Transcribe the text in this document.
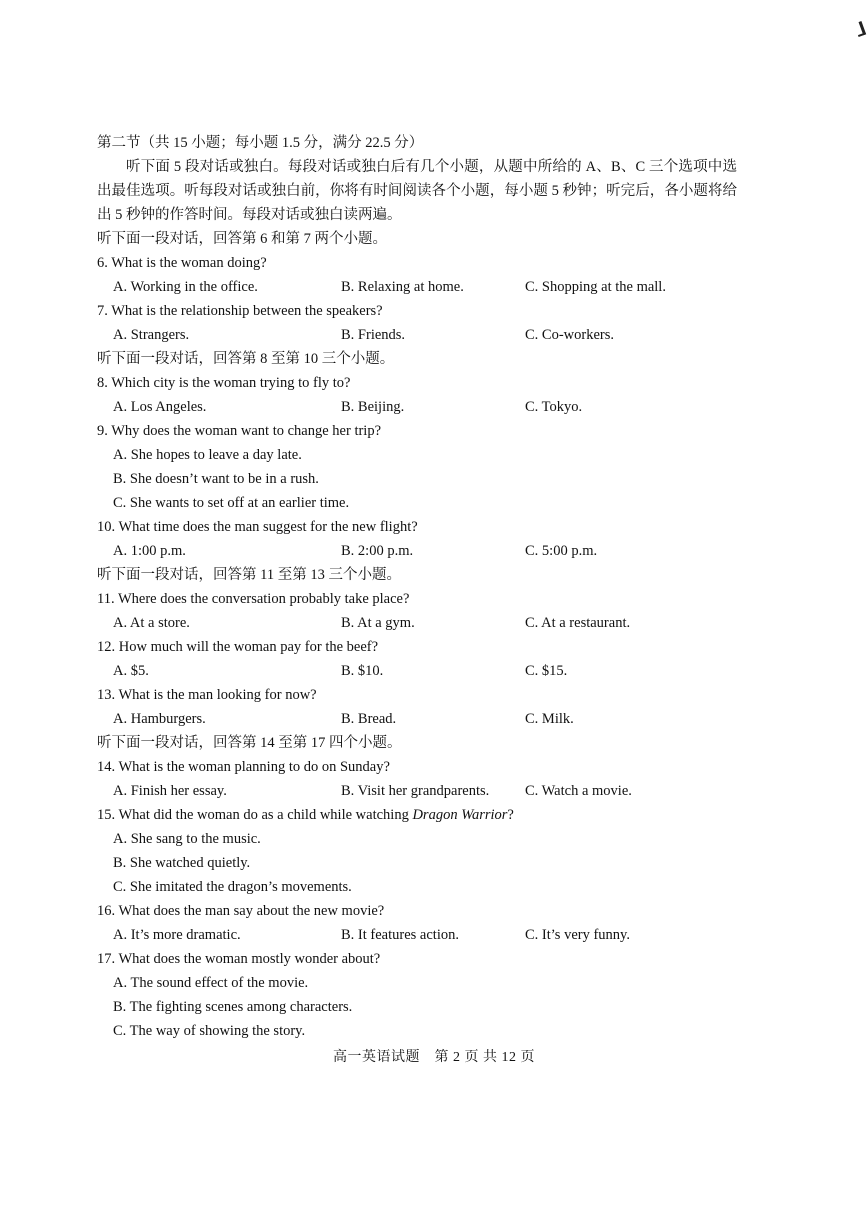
第二节（共 15 小题；每小题 1.5 分，满分 22.5 分）
听下面 5 段对话或独白。每段对话或独白后有几个小题，从题中所给的 A、B、C 三个选项中选出最佳选项。听每段对话或独白前，你将有时间阅读各个小题，每小题 5 秒钟；听完后，各小题将给出 5 秒钟的作答时间。每段对话或独白读两遍。
听下面一段对话，回答第 6 和第 7 两个小题。
6. What is the woman doing?
A. Working in the office.	B. Relaxing at home.	C. Shopping at the mall.
7. What is the relationship between the speakers?
A. Strangers.	B. Friends.	C. Co-workers.
听下面一段对话，回答第 8 至第 10 三个小题。
8. Which city is the woman trying to fly to?
A. Los Angeles.	B. Beijing.	C. Tokyo.
9. Why does the woman want to change her trip?
A. She hopes to leave a day late.
B. She doesn’t want to be in a rush.
C. She wants to set off at an earlier time.
10. What time does the man suggest for the new flight?
A. 1:00 p.m.	B. 2:00 p.m.	C. 5:00 p.m.
听下面一段对话，回答第 11 至第 13 三个小题。
11. Where does the conversation probably take place?
A. At a store.	B. At a gym.	C. At a restaurant.
12. How much will the woman pay for the beef?
A. $5.	B. $10.	C. $15.
13. What is the man looking for now?
A. Hamburgers.	B. Bread.	C. Milk.
听下面一段对话，回答第 14 至第 17 四个小题。
14. What is the woman planning to do on Sunday?
A. Finish her essay.	B. Visit her grandparents. C. Watch a movie.
15. What did the woman do as a child while watching Dragon Warrior?
A. She sang to the music.
B. She watched quietly.
C. She imitated the dragon’s movements.
16. What does the man say about the new movie?
A. It’s more dramatic.	B. It features action.	C. It’s very funny.
17. What does the woman mostly wonder about?
A. The sound effect of the movie.
B. The fighting scenes among characters.
C. The way of showing the story.
高一英语试题　第 2 页 共 12 页
